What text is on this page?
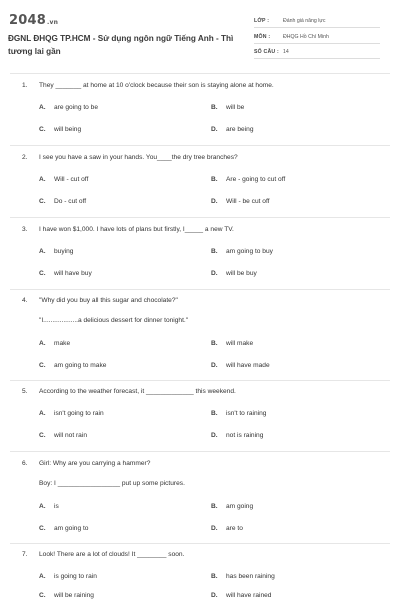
2048.vn
ĐGNL ĐHQG TP.HCM - Sử dụng ngôn ngữ Tiếng Anh - Thì tương lai gần
LỚP :	Đánh giá năng lực
MÔN :	ĐHQG Hồ Chí Minh
SỐ CÂU : 14
1.	They _______ at home at 10 o'clock because their son is staying alone at home.
A.	are going to be	B.	will be
C.	will being	D.	are being
2.	I see you have a saw in your hands. You____the dry tree branches?
A.	Will - cut off	B.	Are - going to cut off
C.	Do - cut off	D.	Will - be cut off
3.	I have won $1,000. I have lots of plans but firstly, I_____ a new TV.
A.	buying	B.	am going to buy
C.	will have buy	D.	will be buy
4.	"Why did you buy all this sugar and chocolate?"
"I...................a delicious dessert for dinner tonight."
A.	make	B.	will make
C.	am going to make	D.	will have made
5.	According to the weather forecast, it _____________ this weekend.
A.	isn't going to rain	B.	isn't to raining
C.	will not rain	D.	not is raining
6.	Girl: Why are you carrying a hammer?
Boy: I _________________ put up some pictures.
A.	is	B.	am going
C.	am going to	D.	are to
7.	Look! There are a lot of clouds! It ________ soon.
A.	is going to rain	B.	has been raining
C.	will be raining	D.	will have rained
